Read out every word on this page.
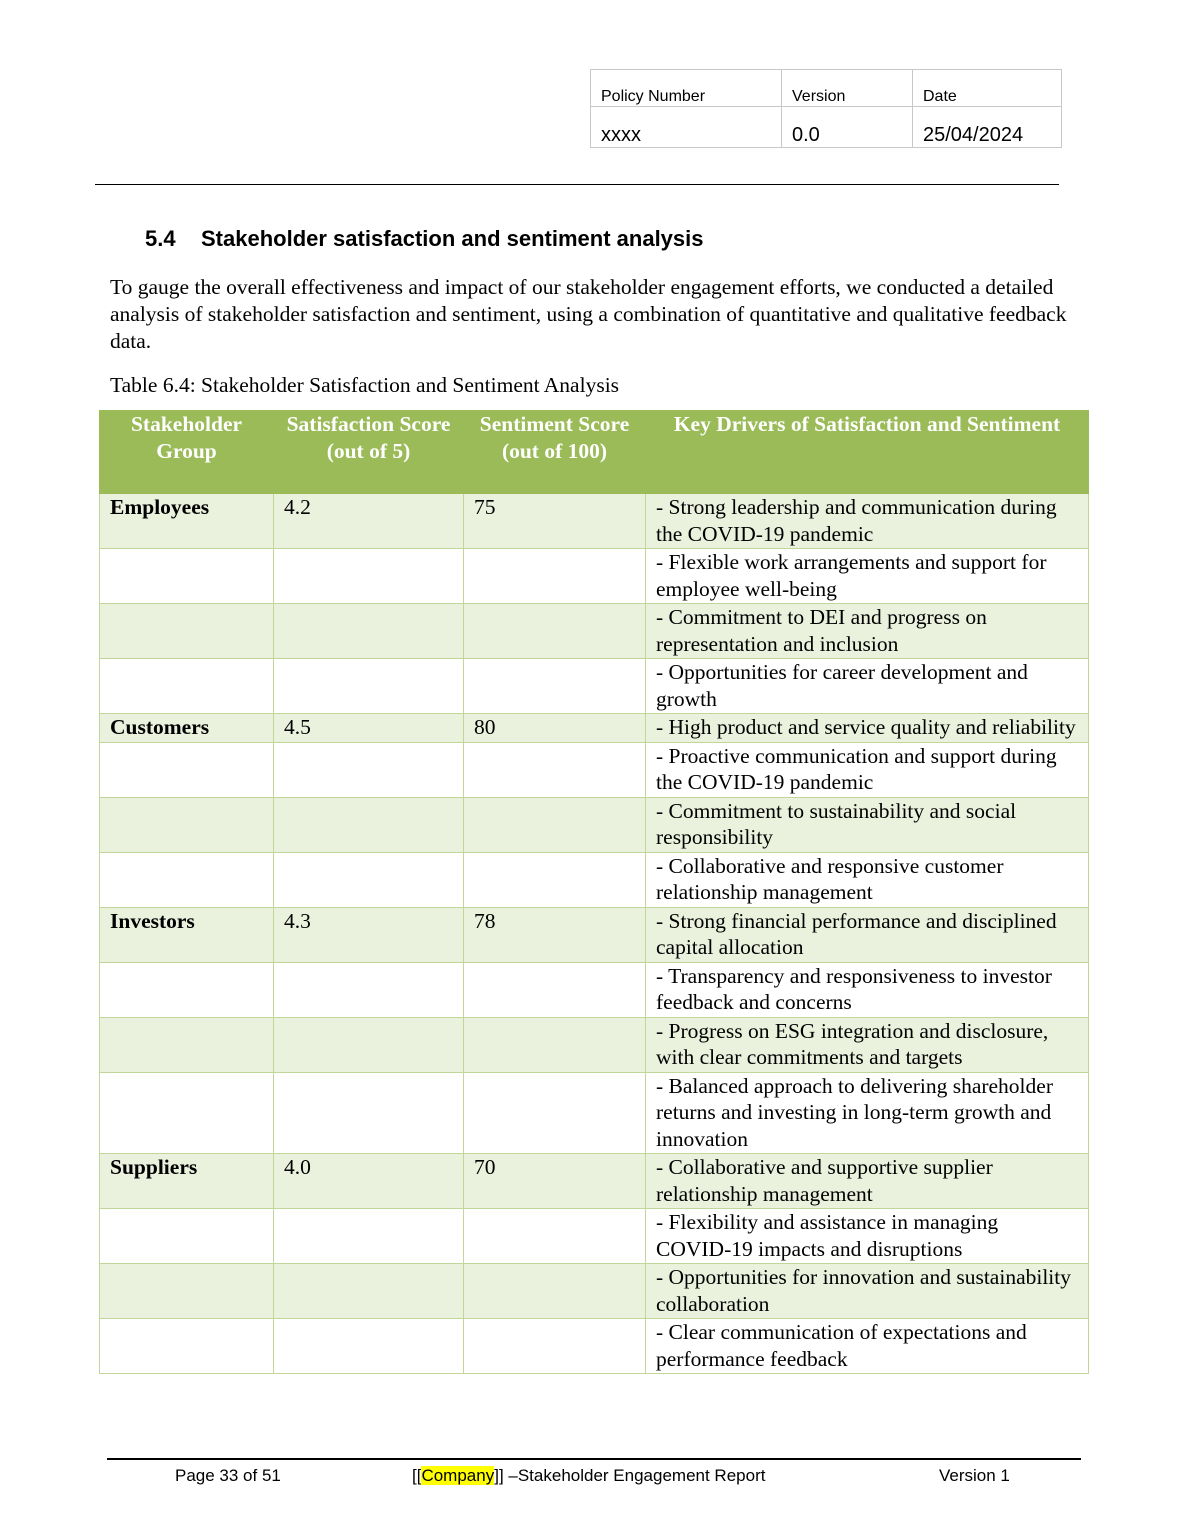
Policy Number	Version	Date
xxxx	0.0	25/04/2024
5.4 Stakeholder satisfaction and sentiment analysis

To gauge the overall effectiveness and impact of our stakeholder engagement efforts, we conducted a detailed analysis of stakeholder satisfaction and sentiment, using a combination of quantitative and qualitative feedback data.

Table 6.4: Stakeholder Satisfaction and Sentiment Analysis

Stakeholder Group	Satisfaction Score (out of 5)	Sentiment Score (out of 100)	Key Drivers of Satisfaction and Sentiment
Employees	4.2	75	- Strong leadership and communication during the COVID-19 pandemic
			- Flexible work arrangements and support for employee well-being
			- Commitment to DEI and progress on representation and inclusion
			- Opportunities for career development and growth
Customers	4.5	80	- High product and service quality and reliability
			- Proactive communication and support during the COVID-19 pandemic
			- Commitment to sustainability and social responsibility
			- Collaborative and responsive customer relationship management
Investors	4.3	78	- Strong financial performance and disciplined capital allocation
			- Transparency and responsiveness to investor feedback and concerns
			- Progress on ESG integration and disclosure, with clear commitments and targets
			- Balanced approach to delivering shareholder returns and investing in long-term growth and innovation
Suppliers	4.0	70	- Collaborative and supportive supplier relationship management
			- Flexibility and assistance in managing COVID-19 impacts and disruptions
			- Opportunities for innovation and sustainability collaboration
			- Clear communication of expectations and performance feedback
Page 33 of 51	[[Company]] –Stakeholder Engagement Report	Version 1
